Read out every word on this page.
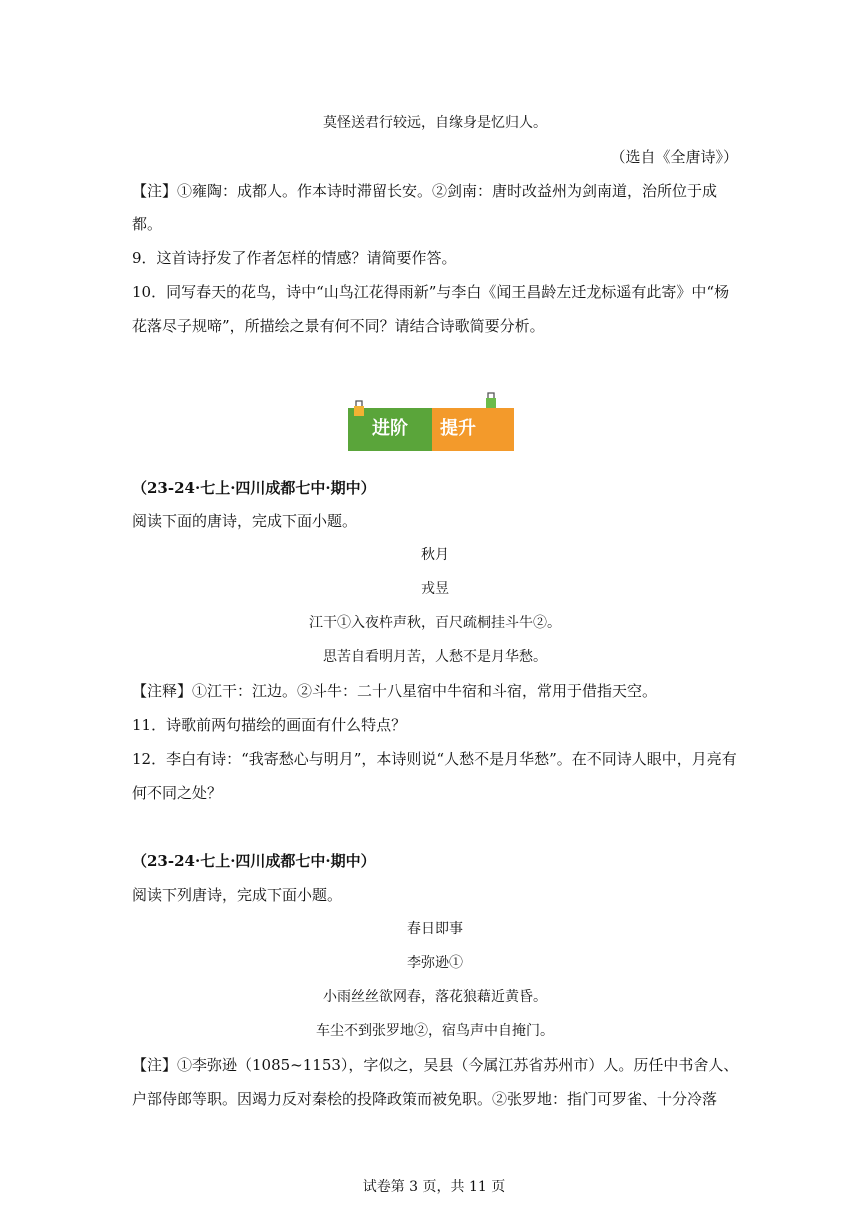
莫怪送君行较远，自缘身是忆归人。
（选自《全唐诗》）
【注】①雍陶：成都人。作本诗时滞留长安。②剑南：唐时改益州为剑南道，治所位于成
都。
9．这首诗抒发了作者怎样的情感？请简要作答。
10．同写春天的花鸟，诗中“山鸟江花得雨新”与李白《闻王昌龄左迁龙标遥有此寄》中“杨
花落尽子规啼”，所描绘之景有何不同？请结合诗歌简要分析。
进阶 提升
（23-24·七上·四川成都七中·期中）
阅读下面的唐诗，完成下面小题。
秋月
戎昱
江干①入夜杵声秋，百尺疏桐挂斗牛②。
思苦自看明月苦，人愁不是月华愁。
【注释】①江干：江边。②斗牛：二十八星宿中牛宿和斗宿，常用于借指天空。
11．诗歌前两句描绘的画面有什么特点？
12．李白有诗：“我寄愁心与明月”，本诗则说“人愁不是月华愁”。在不同诗人眼中，月亮有
何不同之处？
（23-24·七上·四川成都七中·期中）
阅读下列唐诗，完成下面小题。
春日即事
李弥逊①
小雨丝丝欲网春，落花狼藉近黄昏。
车尘不到张罗地②，宿鸟声中自掩门。
【注】①李弥逊（1085~1153），字似之，吴县（今属江苏省苏州市）人。历任中书舍人、
户部侍郎等职。因竭力反对秦桧的投降政策而被免职。②张罗地：指门可罗雀、十分冷落
试卷第 3 页，共 11 页
